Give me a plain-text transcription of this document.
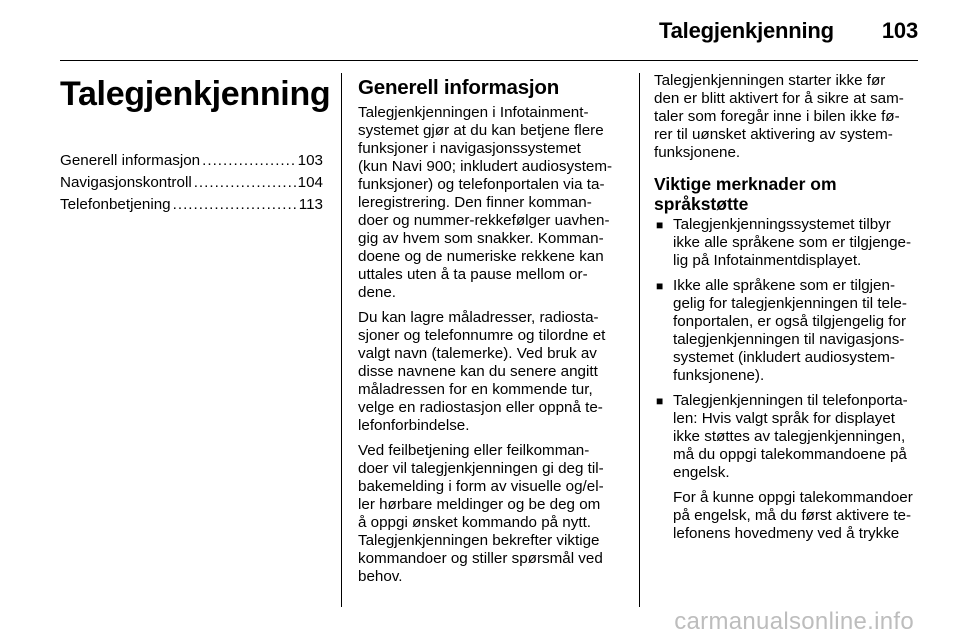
Talegjenkjenning 103
Talegjenkjenning
Generell informasjon .....	103
Navigasjonskontroll .....	104
Telefonbetjening .....	113
Generell informasjon

Talegjenkjenningen i Infotainment-
systemet gjør at du kan betjene flere
funksjoner i navigasjonssystemet
(kun Navi 900; inkludert audiosystem-
funksjoner) og telefonportalen via ta-
leregistrering. Den finner komman-
doer og nummer-rekkefølger uavhen-
gig av hvem som snakker. Komman-
doene og de numeriske rekkene kan
uttales uten å ta pause mellom or-
dene.

Du kan lagre måladresser, radiosta-
sjoner og telefonnumre og tilordne et
valgt navn (talemerke). Ved bruk av
disse navnene kan du senere angitt
måladressen for en kommende tur,
velge en radiostasjon eller oppnå te-
lefonforbindelse.

Ved feilbetjening eller feilkomman-
doer vil talegjenkjenningen gi deg til-
bakemelding i form av visuelle og/el-
ler hørbare meldinger og be deg om
å oppgi ønsket kommando på nytt.
Talegjenkjenningen bekrefter viktige
kommandoer og stiller spørsmål ved
behov.

Talegjenkjenningen starter ikke før
den er blitt aktivert for å sikre at sam-
taler som foregår inne i bilen ikke fø-
rer til uønsket aktivering av system-
funksjonene.

Viktige merknader om
språkstøtte
■ Talegjenkjenningssystemet tilbyr
ikke alle språkene som er tilgjenge-
lig på Infotainmentdisplayet.
■ Ikke alle språkene som er tilgjen-
gelig for talegjenkjenningen til tele-
fonportalen, er også tilgjengelig for
talegjenkjenningen til navigasjons-
systemet (inkludert audiosystem-
funksjonene).
■ Talegjenkjenningen til telefonporta-
len: Hvis valgt språk for displayet
ikke støttes av talegjenkjenningen,
må du oppgi talekommandoene på
engelsk.

For å kunne oppgi talekommandoer
på engelsk, må du først aktivere te-
lefonens hovedmeny ved å trykke

carmanualsonline.info
